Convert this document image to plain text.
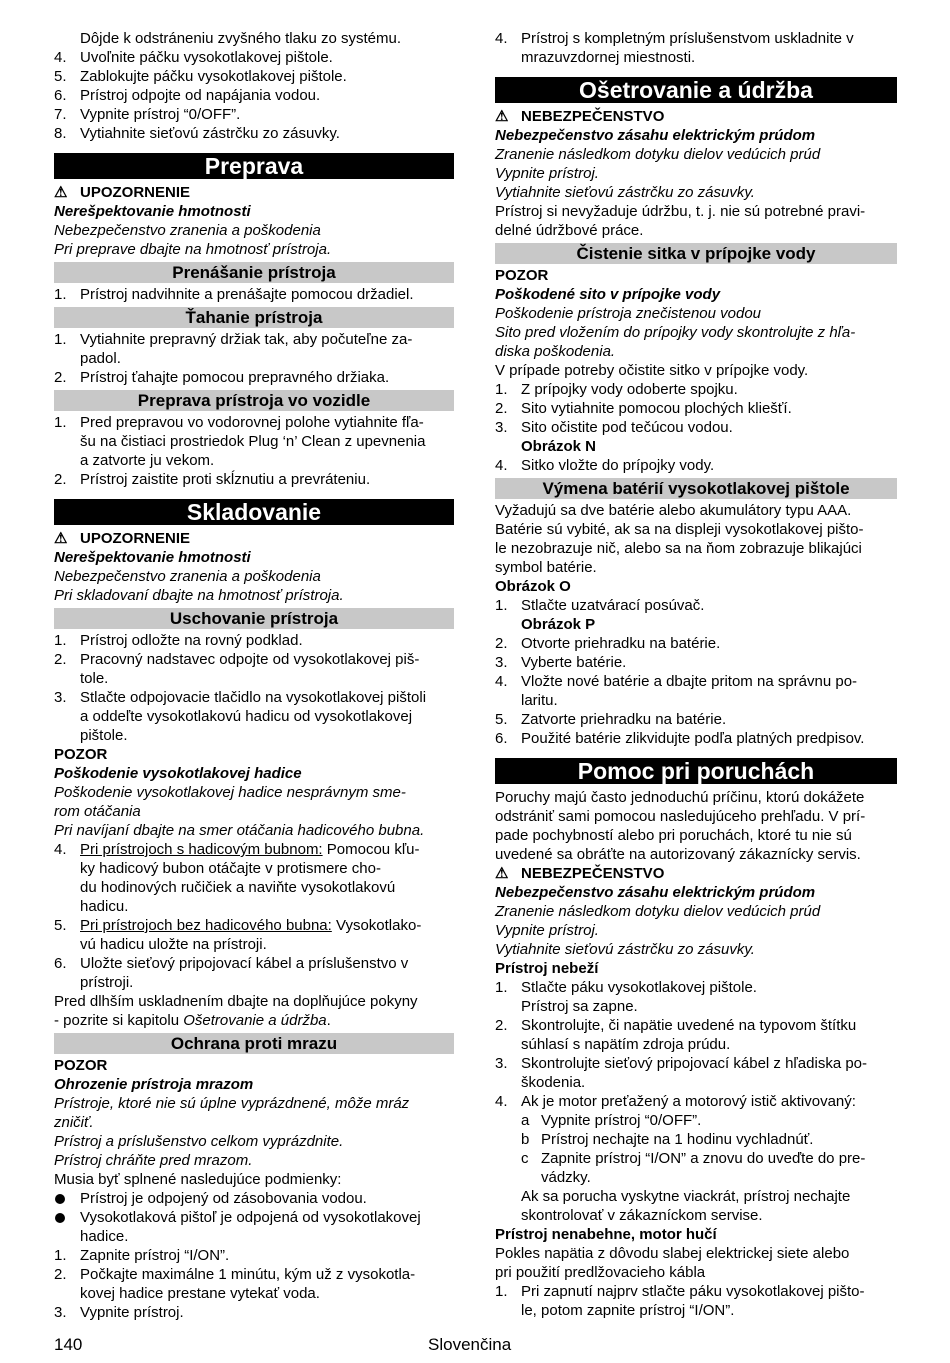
Dôjde k odstráneniu zvyšného tlaku zo systému.
4. Uvoľnite páčku vysokotlakovej pištole.
5. Zablokujte páčku vysokotlakovej pištole.
6. Prístroj odpojte od napájania vodou.
7. Vypnite prístroj “0/OFF”.
8. Vytiahnite sieťovú zástrčku zo zásuvky.
Preprava
⚠ UPOZORNENIE
Nerešpektovanie hmotnosti
Nebezpečenstvo zranenia a poškodenia
Pri preprave dbajte na hmotnosť prístroja.
Prenášanie prístroja
1. Prístroj nadvihnite a prenášajte pomocou držadiel.
Ťahanie prístroja
1. Vytiahnite prepravný držiak tak, aby počuteľne za-
padol.
2. Prístroj ťahajte pomocou prepravného držiaka.
Preprava prístroja vo vozidle
1. Pred prepravou vo vodorovnej polohe vytiahnite fľa-
šu na čistiaci prostriedok Plug ‘n’ Clean z upevnenia
a zatvorte ju vekom.
2. Prístroj zaistite proti skĺznutiu a prevráteniu.
Skladovanie
⚠ UPOZORNENIE
Nerešpektovanie hmotnosti
Nebezpečenstvo zranenia a poškodenia
Pri skladovaní dbajte na hmotnosť prístroja.
Uschovanie prístroja
1. Prístroj odložte na rovný podklad.
2. Pracovný nadstavec odpojte od vysokotlakovej piš-
tole.
3. Stlačte odpojovacie tlačidlo na vysokotlakovej pištoli
a oddeľte vysokotlakovú hadicu od vysokotlakovej
pištole.
POZOR
Poškodenie vysokotlakovej hadice
Poškodenie vysokotlakovej hadice nesprávnym sme-
rom otáčania
Pri navíjaní dbajte na smer otáčania hadicového bubna.
4. Pri prístrojoch s hadicovým bubnom: Pomocou kľu-
ky hadicový bubon otáčajte v protismere cho-
du hodinových ručičiek a naviňte vysokotlakovú
hadicu.
5. Pri prístrojoch bez hadicového bubna: Vysokotlako-
vú hadicu uložte na prístroji.
6. Uložte sieťový pripojovací kábel a príslušenstvo v
prístroji.
Pred dlhším uskladnením dbajte na doplňujúce pokyny
- pozrite si kapitolu Ošetrovanie a údržba.
Ochrana proti mrazu
POZOR
Ohrozenie prístroja mrazom
Prístroje, ktoré nie sú úplne vyprázdnené, môže mráz
zničiť.
Prístroj a príslušenstvo celkom vyprázdnite.
Prístroj chráňte pred mrazom.
Musia byť splnené nasledujúce podmienky:
Prístroj je odpojený od zásobovania vodou.
Vysokotlaková pištoľ je odpojená od vysokotlakovej
hadice.
1. Zapnite prístroj “I/ON”.
2. Počkajte maximálne 1 minútu, kým už z vysokotla-
kovej hadice prestane vytekať voda.
3. Vypnite prístroj.
4. Prístroj s kompletným príslušenstvom uskladnite v
mrazuvzdornej miestnosti.
Ošetrovanie a údržba
⚠ NEBEZPEČENSTVO
Nebezpečenstvo zásahu elektrickým prúdom
Zranenie následkom dotyku dielov vedúcich prúd
Vypnite prístroj.
Vytiahnite sieťovú zástrčku zo zásuvky.
Prístroj si nevyžaduje údržbu, t. j. nie sú potrebné pravi-
delné údržbové práce.
Čistenie sitka v prípojke vody
POZOR
Poškodené sito v prípojke vody
Poškodenie prístroja znečistenou vodou
Sito pred vložením do prípojky vody skontrolujte z hľa-
diska poškodenia.
V prípade potreby očistite sitko v prípojke vody.
1. Z prípojky vody odoberte spojku.
2. Sito vytiahnite pomocou plochých kliešťí.
3. Sito očistite pod tečúcou vodou.
Obrázok N
4. Sitko vložte do prípojky vody.
Výmena batérií vysokotlakovej pištole
Vyžadujú sa dve batérie alebo akumulátory typu AAA.
Batérie sú vybité, ak sa na displeji vysokotlakovej pišto-
le nezobrazuje nič, alebo sa na ňom zobrazuje blikajúci
symbol batérie.
Obrázok O
1. Stlačte uzatvárací posúvač.
Obrázok P
2. Otvorte priehradku na batérie.
3. Vyberte batérie.
4. Vložte nové batérie a dbajte pritom na správnu po-
laritu.
5. Zatvorte priehradku na batérie.
6. Použité batérie zlikvidujte podľa platných predpisov.
Pomoc pri poruchách
Poruchy majú často jednoduchú príčinu, ktorú dokážete
odstrániť sami pomocou nasledujúceho prehľadu. V prí-
pade pochybností alebo pri poruchách, ktoré tu nie sú
uvedené sa obráťte na autorizovaný zákaznícky servis.
⚠ NEBEZPEČENSTVO
Nebezpečenstvo zásahu elektrickým prúdom
Zranenie následkom dotyku dielov vedúcich prúd
Vypnite prístroj.
Vytiahnite sieťovú zástrčku zo zásuvky.
Prístroj nebeží
1. Stlačte páku vysokotlakovej pištole.
Prístroj sa zapne.
2. Skontrolujte, či napätie uvedené na typovom štítku
súhlasí s napätím zdroja prúdu.
3. Skontrolujte sieťový pripojovací kábel z hľadiska po-
škodenia.
4. Ak je motor preťažený a motorový istič aktivovaný:
a Vypnite prístroj “0/OFF”.
b Prístroj nechajte na 1 hodinu vychladnúť.
c Zapnite prístroj “I/ON” a znovu do uveďte do pre-
vádzky.
Ak sa porucha vyskytne viackrát, prístroj nechajte
skontrolovať v zákazníckom servise.
Prístroj nenabehne, motor hučí
Pokles napätia z dôvodu slabej elektrickej siete alebo
pri použití predlžovacieho kábla
1. Pri zapnutí najprv stlačte páku vysokotlakovej pišto-
le, potom zapnite prístroj “I/ON”.
140	Slovenčina
